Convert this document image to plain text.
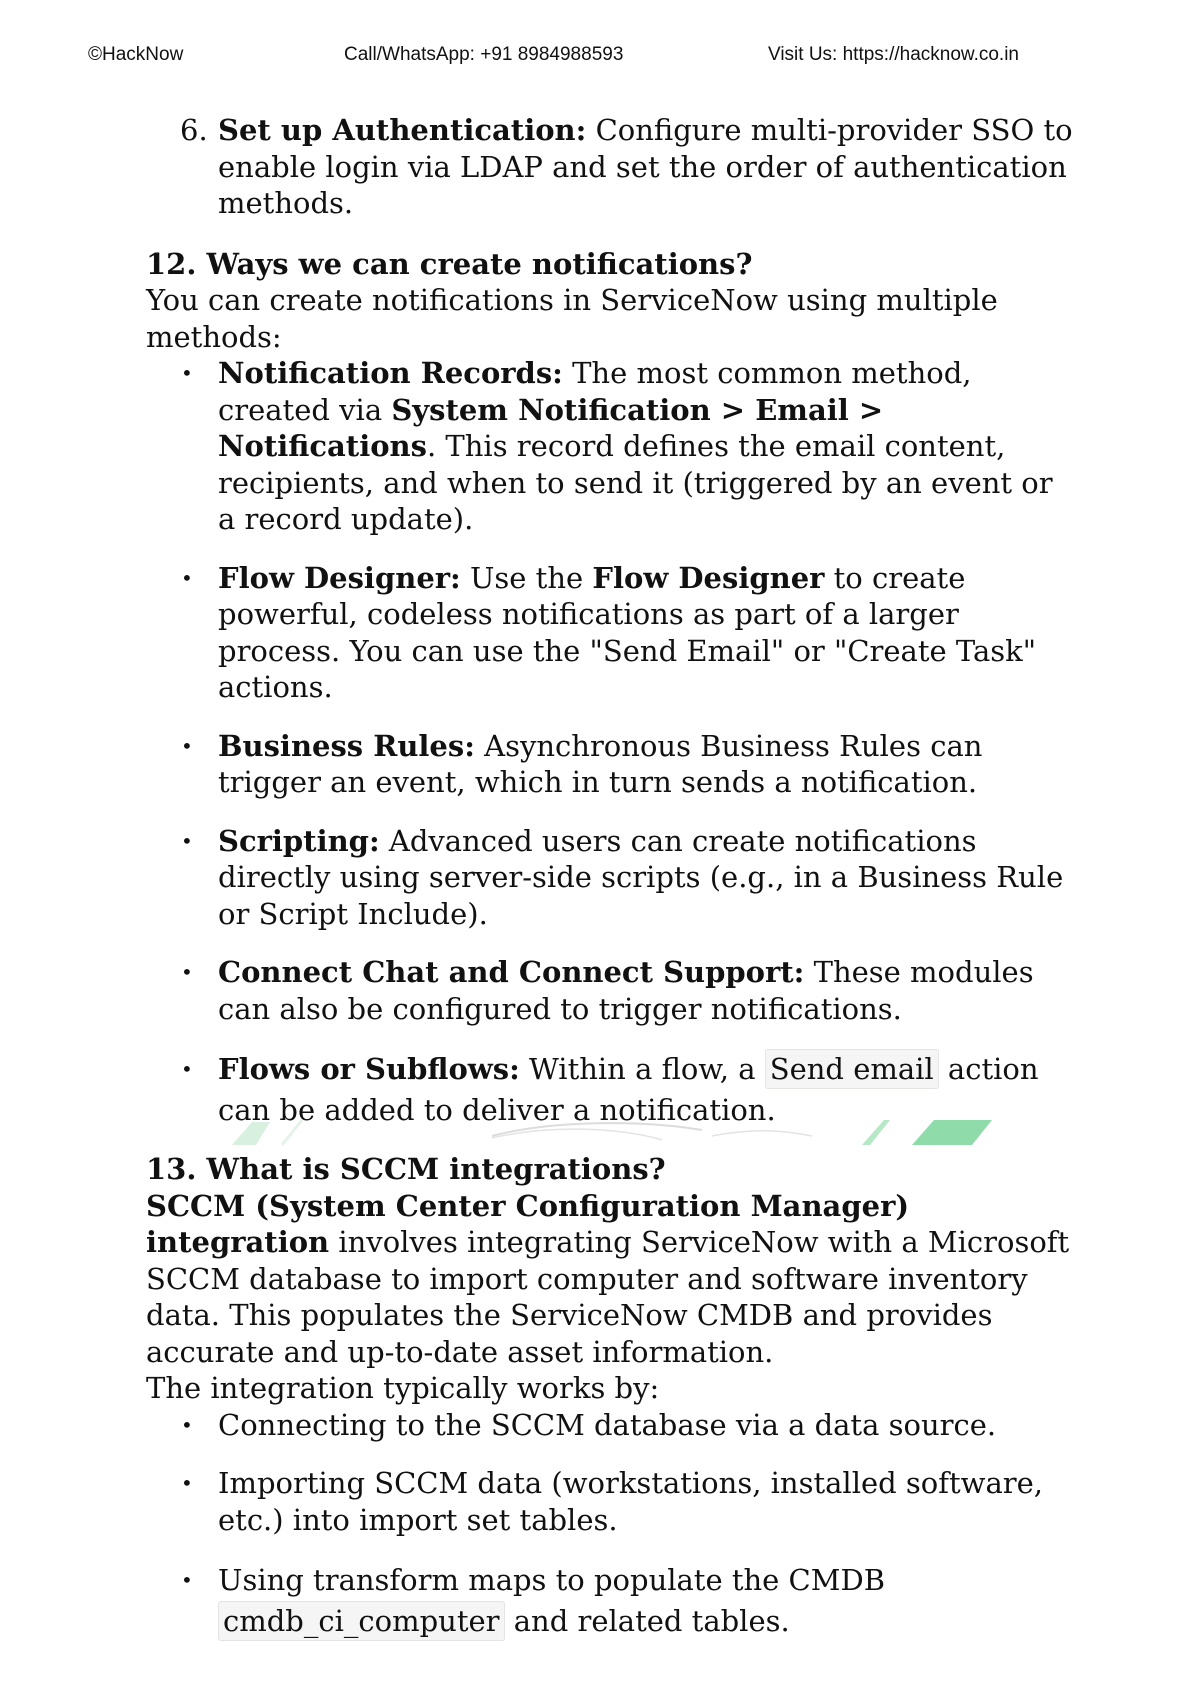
©HackNow	Call/WhatsApp: +91 8984988593	Visit Us: https://hacknow.co.in
6. Set up Authentication: Configure multi-provider SSO to enable login via LDAP and set the order of authentication methods.

12. Ways we can create notifications?

You can create notifications in ServiceNow using multiple methods:

• Notification Records: The most common method, created via System Notification > Email > Notifications. This record defines the email content, recipients, and when to send it (triggered by an event or a record update).
• Flow Designer: Use the Flow Designer to create powerful, codeless notifications as part of a larger process. You can use the "Send Email" or "Create Task" actions.
• Business Rules: Asynchronous Business Rules can trigger an event, which in turn sends a notification.
• Scripting: Advanced users can create notifications directly using server-side scripts (e.g., in a Business Rule or Script Include).
• Connect Chat and Connect Support: These modules can also be configured to trigger notifications.
• Flows or Subflows: Within a flow, a Send email action can be added to deliver a notification.

13. What is SCCM integrations?

SCCM (System Center Configuration Manager) integration involves integrating ServiceNow with a Microsoft SCCM database to import computer and software inventory data. This populates the ServiceNow CMDB and provides accurate and up-to-date asset information.

The integration typically works by:

• Connecting to the SCCM database via a data source.
• Importing SCCM data (workstations, installed software, etc.) into import set tables.
• Using transform maps to populate the CMDB cmdb_ci_computer and related tables.
